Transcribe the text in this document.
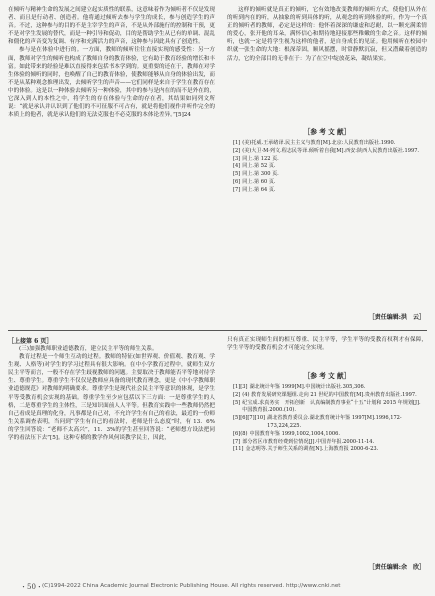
在倾听与精神生命的发展之间建立起实质性的联系，这意味着作为倾听者不仅是发现者、而且是行动者、创造者。他将通过倾听去参与学生的成长，参与创造学生的声音。不过，这种参与的目的不是主宰学生的声音，不是从外部施行的控制和干预，更不是对学生发展的替代，而是一种引导和促动，目的是帮助学生从已有的单调、混乱和僵化的声音变为复调、有序和充满活力的声音，这种参与因此具有了创造性。

参与是在体验中进行的。一方面，教师的倾听往往直接实现的感受性：另一方面，教师对学生的倾听也构成了教师自身的教育体验，它有助于教育经验的增长和丰富。如此带来的经验是难以直接得来包括书本学到的。更重要的还在于，教师在对学生体验的倾听的同时，也唤醒了自己的教育体验，使教师能够从自身的体验出发，而不是从某种观念推理出发，去倾听学生的声音——它们同样是来自于学生在教育存在中的体验。这是以一种体验去倾听另一种体验，其中的参与是内在的而不是外在的，它深入到人的本性之中，将学生的存在体验与生命的存在者，其结果如同列文所说：“就是承认并认识到了他们的不可征服不可占有，就是将他们视作并听作完全的本质上的他者，就是承认他们的无法克服也不必克服的本体论差异。”[5]24

这样的倾听就是真正的倾听，它有效地改变教师的倾听方式，使他们从外在的听到内在的听，从抽象的听到具体的听，从观念的听到体验的听。作为一个真正的倾听者的教师，必定是这样的：他怀着深深的谦虚和忍耐，以一颗充满柔情的爱心，张开他的耳朵，满怀信心和期待地迎接那些稚嫩的生命之音。这样的倾听，也就一定是将学生视为这样的他者，是自身成长的见证。他用倾听在校园中织就一张生命的大地：根深蒂固，顺风摇摆，时常静默沉寂，但又潜藏着创造的活力，它的全部目的无非在于：为了在空中绽放花朵，凝结果实。

［参 考 文 献］
[1] (美)托威.王承绪译.民主主义与教育[M].北京:人民教育出版社.1990.
[2] (美)大卫·M·列文.程志民等译.倾听着自我[M].西安:陕西人民教育出版社.1997.
[3] 同上.第 122 页.
[4] 同上.第 52 页.
[5] 同上.第 300 页.
[6] 同上.第 60 页.
[7] 同上.第 64 页.
［责任编辑:洪　云］
［上接第 6 页］

(三)加强教师职业道德教育，建立民主平等的师生关系。

教育过程是一个师生互动的过程。教师的特征(如世界观、价值观、教育观、学生观、人格等)对学生的学习过程具有很大影响。在中小学教育过程中，就师生双方民主平等而言，一般不存在学生歧视教师的问题。主要取决于教师能否平等地对待学生、尊重学生。尊重学生不仅仅是教师应具备的现代教育理念，更是《中小学教师职业道德规范》对教师的明确要求。尊重学生是现代社会民主平等意识的体现，是学生平等受教育机会实现的基础。尊重学生至少应包括以下三方面：一是尊重学生的人格，二是尊重学生的主体性，三是知识面前人人平等。但教育实践中一些教师仍然把自己看成是真理的化身，凡事都是自己对，不允许学生有自己的看法，最近的一份师生关系调查表明，当问到“学生有自己的看法时，老师是什么态度”时，有 13．6%的学生回答说：“老师不太高兴”，11．3%的学生甚至回答说：“老师想方设法把同学的看法压下去”[5]。这种专横的教学作风何谈教学民主，因此，

只有真正实现师生间的相互尊重、民主平等，学生平等的受教育权利才有保障，学生平等的受教育机会才可能完全实现。

［参 考 文 献］
[1][3] 湖北统计年鉴 1999[M].中国统计出版社.305,306.
[2] (4) 教育发展研究课题组.走向 21 世纪的中国教育[M].贵州教育出版社.1997.
[5] 纪宝成.求真务实　开拓创新　认真编制教育事业“十五”计划和 2015 年规划[J].中国教育报.2000.(10).
[5][6][7][10] 湖北省教育委员会.湖北教育统计年鉴 1997[M].1996,172-173,224,225.
[6](8) 中国教育年鉴 1999,1002,1004,1006.
[7] 部分省区市教育经费到位情况[J].中国青年报.2000-11-14.
[11] 金志明等.关于师生关系的调查[N].上海教育报 2000-6-23.
［责任编辑:余　欣］
・50・ (C)1994-2022 China Academic Journal Electronic Publishing House. All rights reserved. http://www.cnki.net
